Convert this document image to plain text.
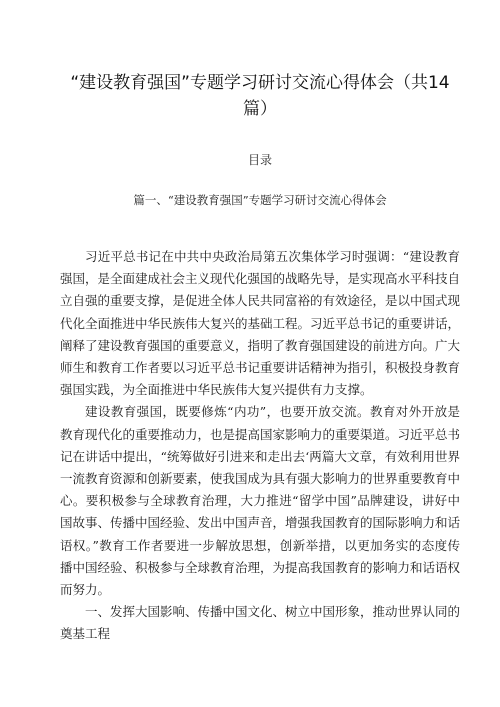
“建设教育强国”专题学习研讨交流心得体会（共14篇）
目录
篇一、“建设教育强国”专题学习研讨交流心得体会

习近平总书记在中共中央政治局第五次集体学习时强调：“建设教育强国，是全面建成社会主义现代化强国的战略先导，是实现高水平科技自立自强的重要支撑，是促进全体人民共同富裕的有效途径，是以中国式现代化全面推进中华民族伟大复兴的基础工程。习近平总书记的重要讲话，阐释了建设教育强国的重要意义，指明了教育强国建设的前进方向。广大师生和教育工作者要以习近平总书记重要讲话精神为指引，积极投身教育强国实践，为全面推进中华民族伟大复兴提供有力支撑。

建设教育强国，既要修炼“内功”，也要开放交流。教育对外开放是教育现代化的重要推动力，也是提高国家影响力的重要渠道。习近平总书记在讲话中提出，“统筹做好引进来和走出去‘两篇大文章，有效利用世界一流教育资源和创新要素，使我国成为具有强大影响力的世界重要教育中心。要积极参与全球教育治理，大力推进“留学中国”品牌建设，讲好中国故事、传播中国经验、发出中国声音，增强我国教育的国际影响力和话语权。”教育工作者要进一步解放思想，创新举措，以更加务实的态度传播中国经验、积极参与全球教育治理，为提高我国教育的影响力和话语权而努力。

一、发挥大国影响、传播中国文化、树立中国形象，推动世界认同的奠基工程
